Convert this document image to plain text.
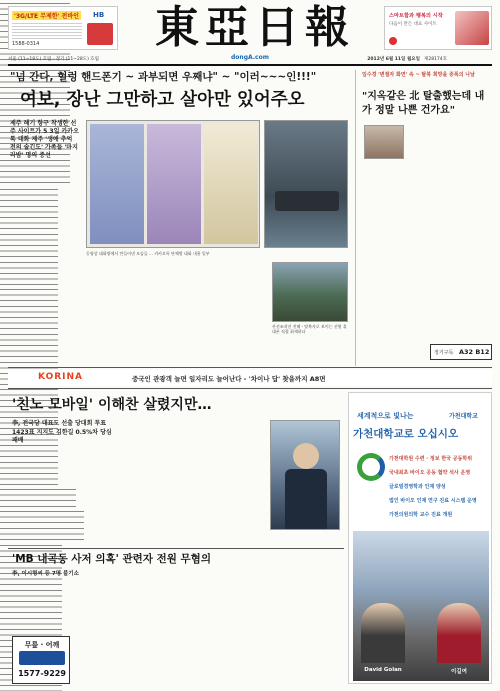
'3G/LTE 무제한' 전바인 HB
1588-0314	東亞日報
dongA.com
스마트함과 행복의 시작
다음이 만든 대표 사이트
서울 (11~18도) 흐림 · 경기 (11~28도) 흐림	2012년 6월 11일 월요일 제28174호
"넘 간다, 헐렁 핸드폰기 ~ 과부되면 우째냐" ~ "이러~~~인!!!"
여보, 장난 그만하고 살아만 있어주오
제주 해기 항구 착생한 선주 사이트가 5 3일 카카오톡 대화 제주 '생애 추억 전의 술긴도' 가족들 '마지 라밤' 명의 증선
동영상 대화방에서 만들어낸 모습들 … 카카오톡 단체방 대화 내용 일부
산선조작선 진해 - 탈북자로 보이는 선원 휴대폰 직접 취재하다
임수경 '변절자 화면' 속 ~ 탈북 희망을 증폭의 나날
"지옥같은 北 탈출했는데 내가 정말 나쁜 건가요"
정기구독 A32 B12
KORINA	중국인 관광객 늘면 일자리도 늘어난다 - '차이나 답' 찾을까지 A8면
'친노 모바일' 이해찬 살렸지만…
李, 전국당 대표도 선출 당대회 투표 1423표 지지도 김한길 0.5%차 당심 패배
'MB 내곡동 사저 의혹' 관련자 전원 무혐의
李, 이시형씨 등 7명 불기소
무릎 · 어깨
1577-9229
세계적으로 빛나는	가천대학교
가천대학교로 오십시오
가천대학원 수련 · 정보 한국 공동학위
국내최초 바이오 공동 협약 석사 운영
글로벌경영학과 인재 양성
법인 바이오 인재 연구 진료 시스템 운영
가천의원의학 교수 진료 개원
David Golan	이길여
